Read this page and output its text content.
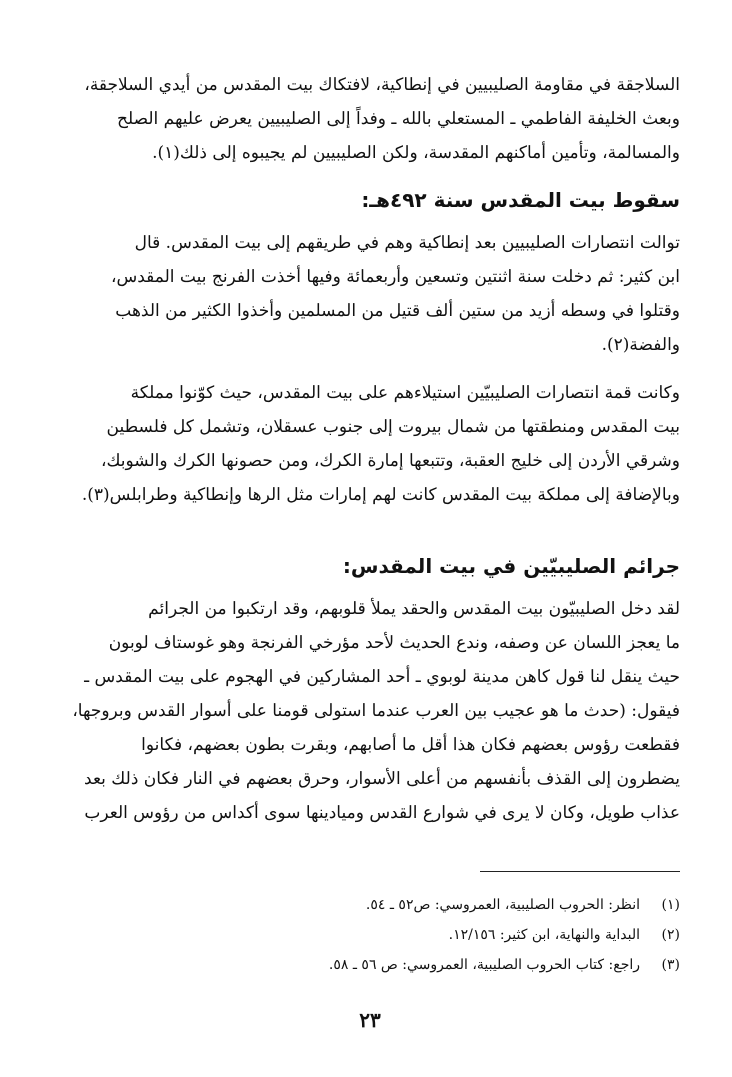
السلاجقة في مقاومة الصليبيين في إنطاكية، لافتكاك بيت المقدس من أيدي السلاجقة،
وبعث الخليفة الفاطمي ـ المستعلي بالله ـ وفداً إلى الصليبيين يعرض عليهم الصلح
والمسالمة، وتأمين أماكنهم المقدسة، ولكن الصليبيين لم يجيبوه إلى ذلك(١).

سقوط بيت المقدس سنة ٤٩٢هـ:

توالت انتصارات الصليبيين بعد إنطاكية وهم في طريقهم إلى بيت المقدس. قال
ابن كثير: ثم دخلت سنة اثنتين وتسعين وأربعمائة وفيها أخذت الفرنج بيت المقدس،
وقتلوا في وسطه أزيد من ستين ألف قتيل من المسلمين وأخذوا الكثير من الذهب
والفضة(٢).

وكانت قمة انتصارات الصليبيّين استيلاءهم على بيت المقدس، حيث كوّنوا مملكة
بيت المقدس ومنطقتها من شمال بيروت إلى جنوب عسقلان، وتشمل كل فلسطين
وشرقي الأردن إلى خليج العقبة، وتتبعها إمارة الكرك، ومن حصونها الكرك والشوبك،
وبالإضافة إلى مملكة بيت المقدس كانت لهم إمارات مثل الرها وإنطاكية وطرابلس(٣).

جرائم الصليبيّين في بيت المقدس:

لقد دخل الصليبيّون بيت المقدس والحقد يملأ قلوبهم، وقد ارتكبوا من الجرائم
ما يعجز اللسان عن وصفه، وندع الحديث لأحد مؤرخي الفرنجة وهو غوستاف لوبون
حيث ينقل لنا قول كاهن مدينة لوبوي ـ أحد المشاركين في الهجوم على بيت المقدس ـ
فيقول: (حدث ما هو عجيب بين العرب عندما استولى قومنا على أسوار القدس وبروجها،
فقطعت رؤوس بعضهم فكان هذا أقل ما أصابهم، وبقرت بطون بعضهم، فكانوا
يضطرون إلى القذف بأنفسهم من أعلى الأسوار، وحرق بعضهم في النار فكان ذلك بعد
عذاب طويل، وكان لا يرى في شوارع القدس وميادينها سوى أكداس من رؤوس العرب

(١)
انظر: الحروب الصليبية، العمروسي: ص٥٢ ـ ٥٤.
(٢)
البداية والنهاية، ابن كثير: ١٢/١٥٦.
(٣)
راجع: كتاب الحروب الصليبية، العمروسي: ص ٥٦ ـ ٥٨.
٢٣
